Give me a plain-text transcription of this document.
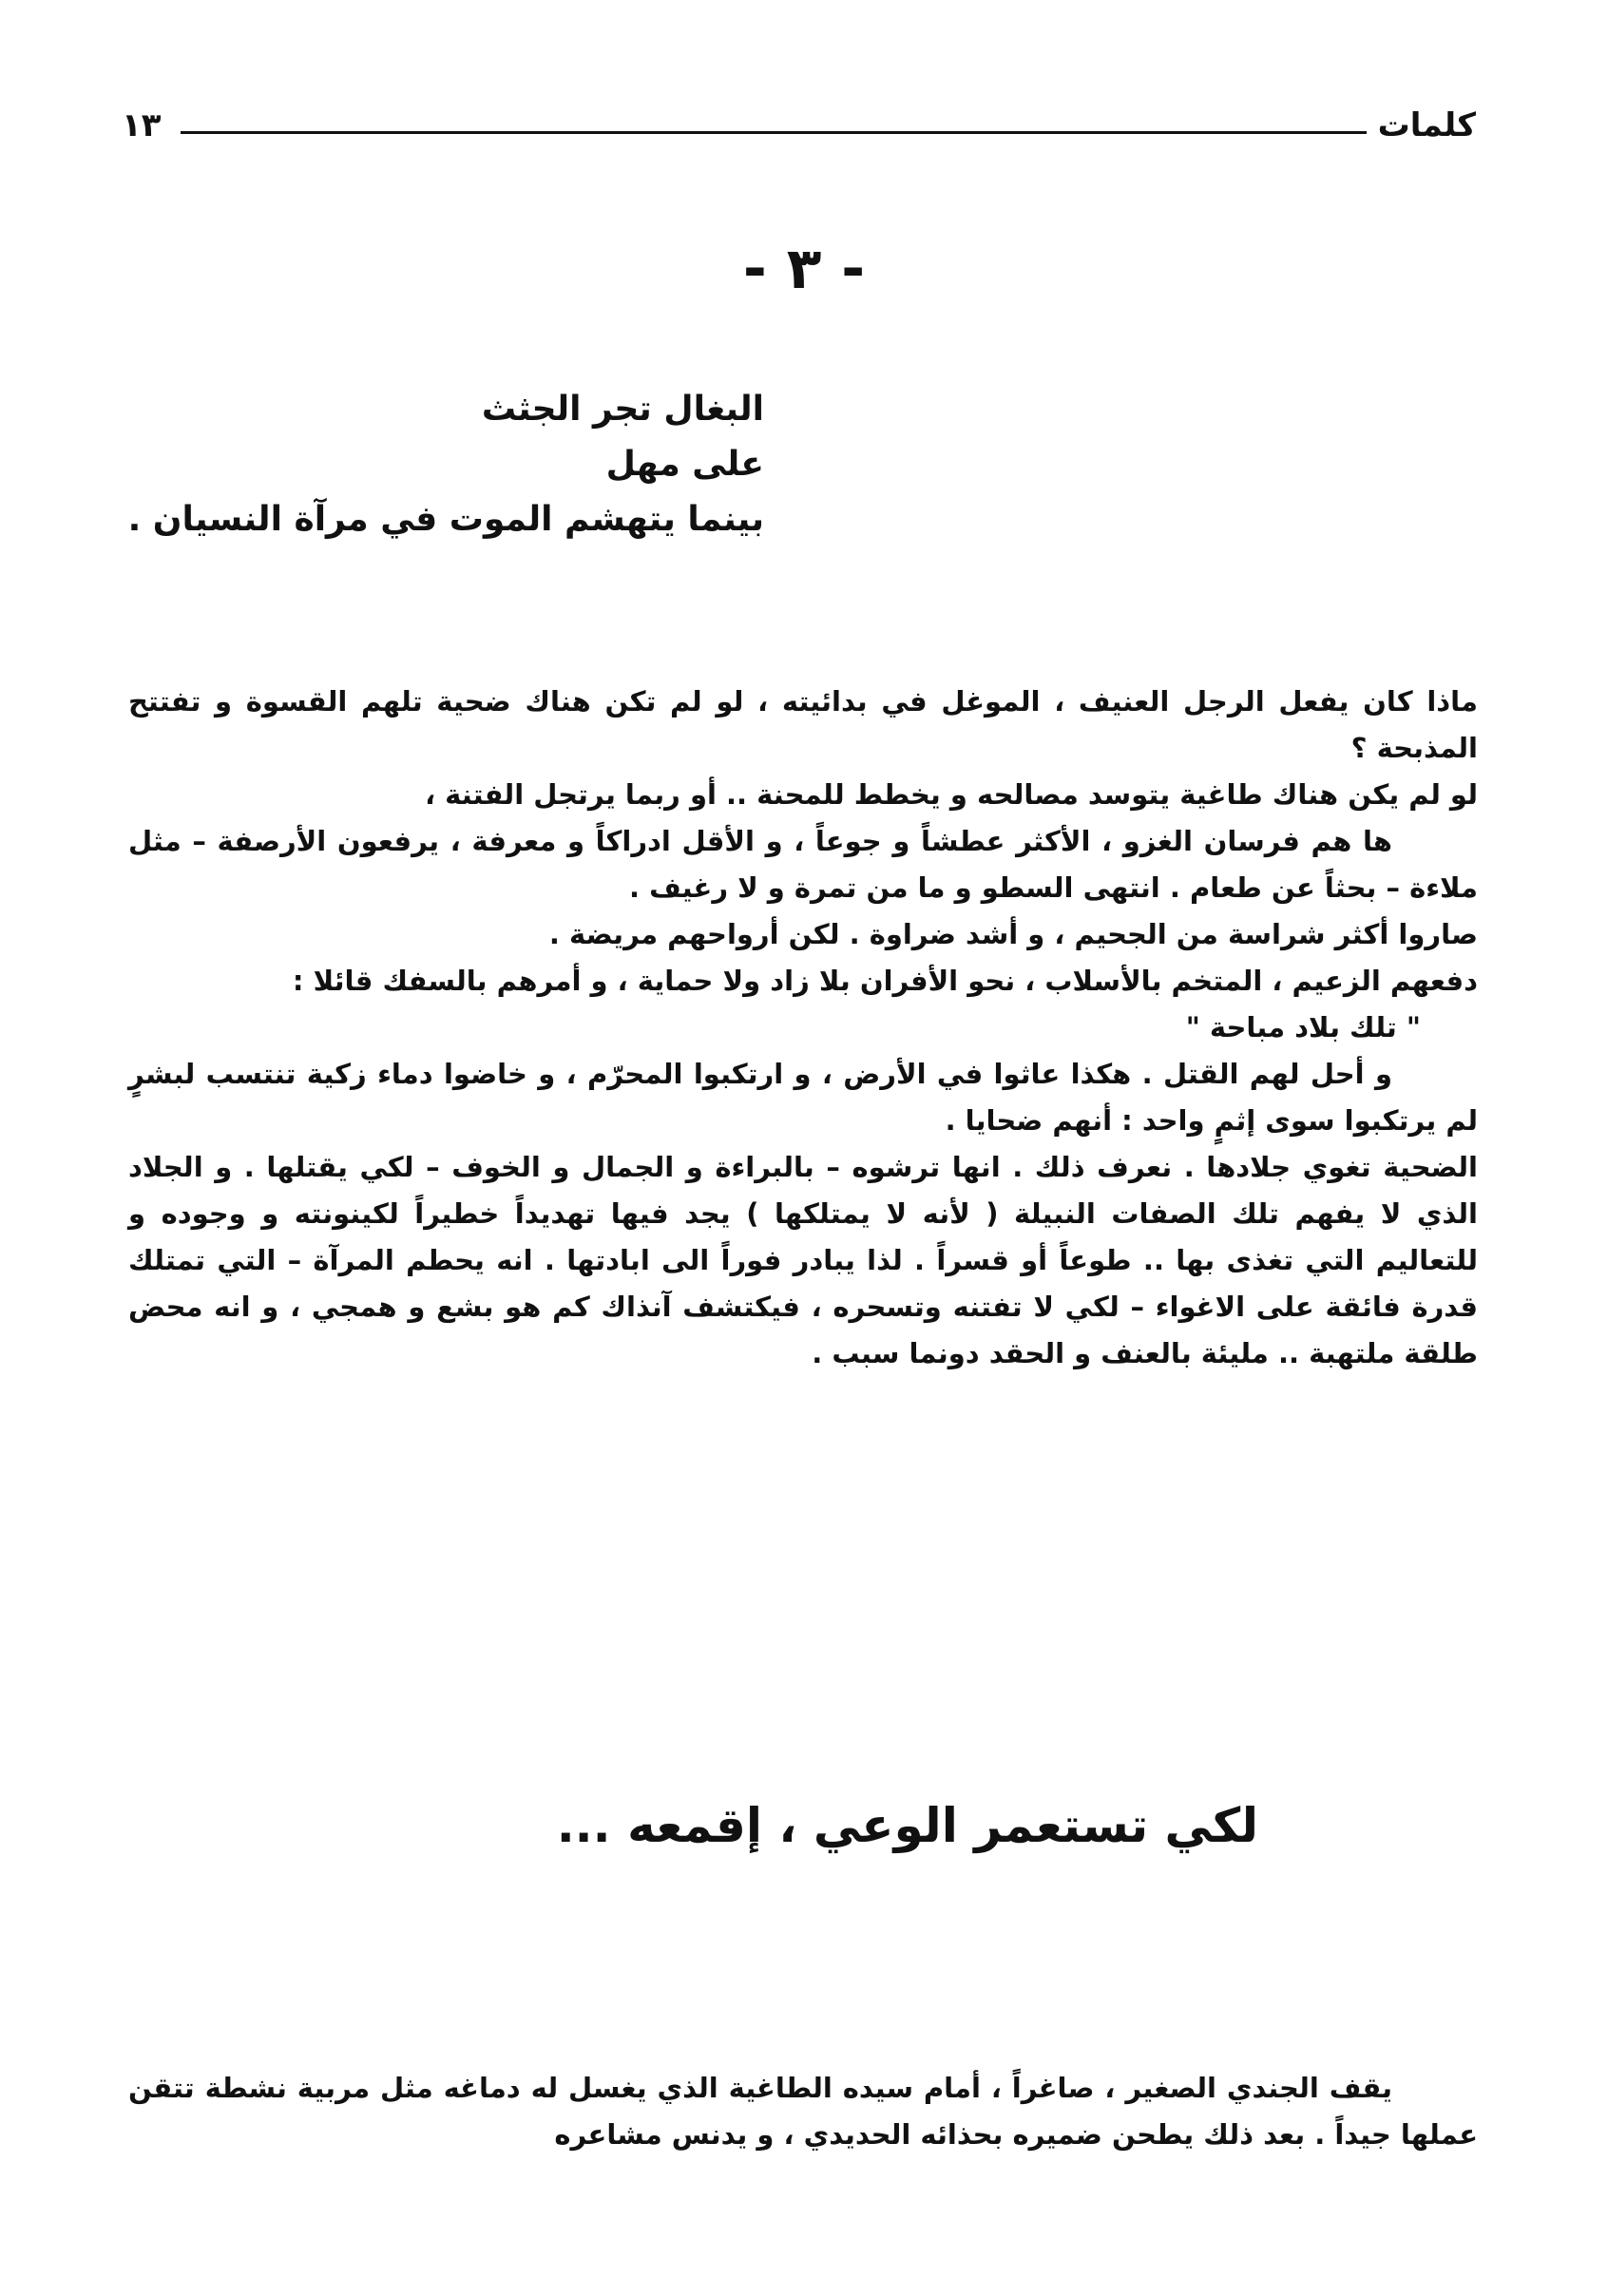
كلمات
١٣
- ٣ -
البغال تجر الجثث
على مهل
بينما يتهشم الموت في مرآة النسيان .

ماذا كان يفعل الرجل العنيف ، الموغل في بدائيته ، لو لم تكن هناك ضحية تلهم القسوة و تفتتح المذبحة ؟

لو لم يكن هناك طاغية يتوسد مصالحه و يخطط للمحنة .. أو ربما يرتجل الفتنة ،

ها هم فرسان الغزو ، الأكثر عطشاً و جوعاً ، و الأقل ادراكاً و معرفة ، يرفعون الأرصفة – مثل ملاءة – بحثاً عن طعام . انتهى السطو و ما من تمرة و لا رغيف .

صاروا أكثر شراسة من الجحيم ، و أشد ضراوة . لكن أرواحهم مريضة .

دفعهم الزعيم ، المتخم بالأسلاب ، نحو الأفران بلا زاد ولا حماية ، و أمرهم بالسفك قائلا :

" تلك بلاد مباحة "

و أحل لهم القتل . هكذا عاثوا في الأرض ، و ارتكبوا المحرّم ، و خاضوا دماء زكية تنتسب لبشرٍ لم يرتكبوا سوى إثمٍ واحد : أنهم ضحايا .

الضحية تغوي جلادها . نعرف ذلك . انها ترشوه – بالبراءة و الجمال و الخوف – لكي يقتلها . و الجلاد الذي لا يفهم تلك الصفات النبيلة ( لأنه لا يمتلكها ) يجد فيها تهديداً خطيراً لكينونته و وجوده و للتعاليم التي تغذى بها .. طوعاً أو قسراً . لذا يبادر فوراً الى ابادتها . انه يحطم المرآة – التي تمتلك قدرة فائقة على الاغواء – لكي لا تفتنه وتسحره ، فيكتشف آنذاك كم هو بشع و همجي ، و انه محض طلقة ملتهبة .. مليئة بالعنف و الحقد دونما سبب .

لكي تستعمر الوعي ، إقمعه ...

يقف الجندي الصغير ، صاغراً ، أمام سيده الطاغية الذي يغسل له دماغه مثل مربية نشطة تتقن عملها جيداً . بعد ذلك يطحن ضميره بحذائه الحديدي ، و يدنس مشاعره
